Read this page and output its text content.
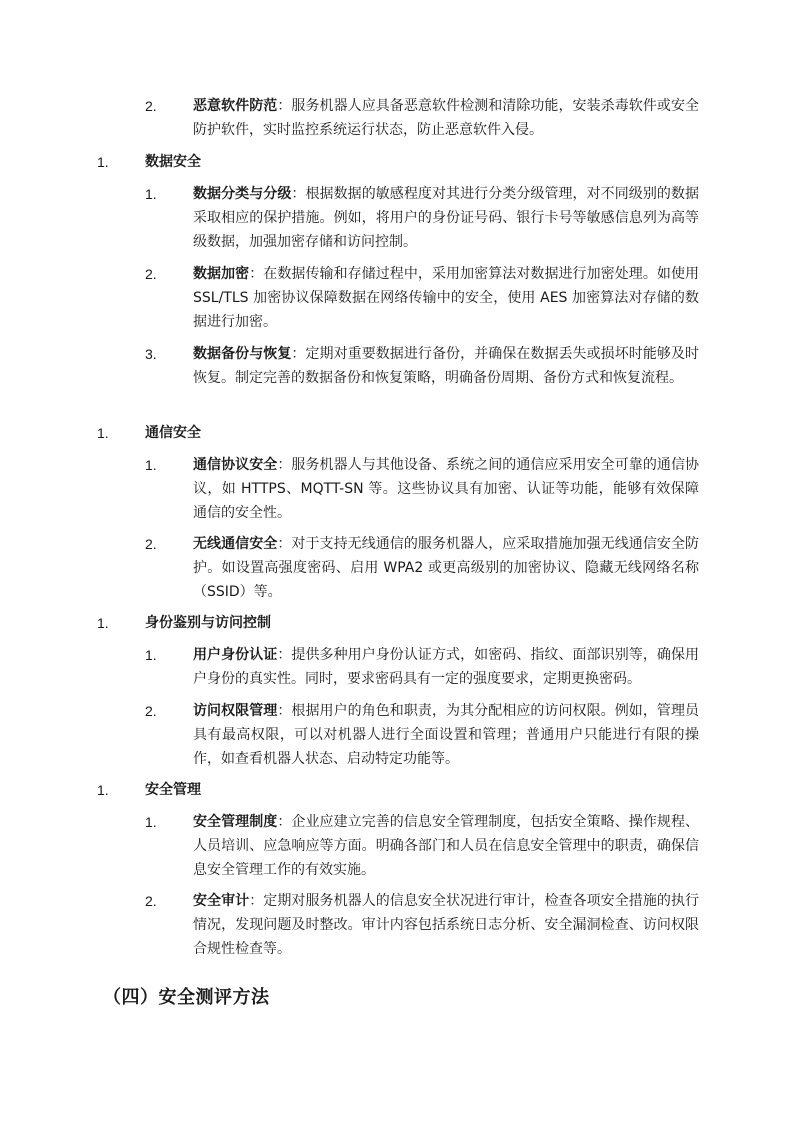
2.	恶意软件防范：服务机器人应具备恶意软件检测和清除功能，安装杀毒软件或安全防护软件，实时监控系统运行状态，防止恶意软件入侵。
1.	数据安全
1.	数据分类与分级：根据数据的敏感程度对其进行分类分级管理，对不同级别的数据采取相应的保护措施。例如，将用户的身份证号码、银行卡号等敏感信息列为高等级数据，加强加密存储和访问控制。
2.	数据加密：在数据传输和存储过程中，采用加密算法对数据进行加密处理。如使用 SSL/TLS 加密协议保障数据在网络传输中的安全，使用 AES 加密算法对存储的数据进行加密。
3.	数据备份与恢复：定期对重要数据进行备份，并确保在数据丢失或损坏时能够及时恢复。制定完善的数据备份和恢复策略，明确备份周期、备份方式和恢复流程。
1.	通信安全
1.	通信协议安全：服务机器人与其他设备、系统之间的通信应采用安全可靠的通信协议，如 HTTPS、MQTT-SN 等。这些协议具有加密、认证等功能，能够有效保障通信的安全性。
2.	无线通信安全：对于支持无线通信的服务机器人，应采取措施加强无线通信安全防护。如设置高强度密码、启用 WPA2 或更高级别的加密协议、隐藏无线网络名称（SSID）等。
1.	身份鉴别与访问控制
1.	用户身份认证：提供多种用户身份认证方式，如密码、指纹、面部识别等，确保用户身份的真实性。同时，要求密码具有一定的强度要求，定期更换密码。
2.	访问权限管理：根据用户的角色和职责，为其分配相应的访问权限。例如，管理员具有最高权限，可以对机器人进行全面设置和管理；普通用户只能进行有限的操作，如查看机器人状态、启动特定功能等。
1.	安全管理
1.	安全管理制度：企业应建立完善的信息安全管理制度，包括安全策略、操作规程、人员培训、应急响应等方面。明确各部门和人员在信息安全管理中的职责，确保信息安全管理工作的有效实施。
2.	安全审计：定期对服务机器人的信息安全状况进行审计，检查各项安全措施的执行情况，发现问题及时整改。审计内容包括系统日志分析、安全漏洞检查、访问权限合规性检查等。
（四）安全测评方法
